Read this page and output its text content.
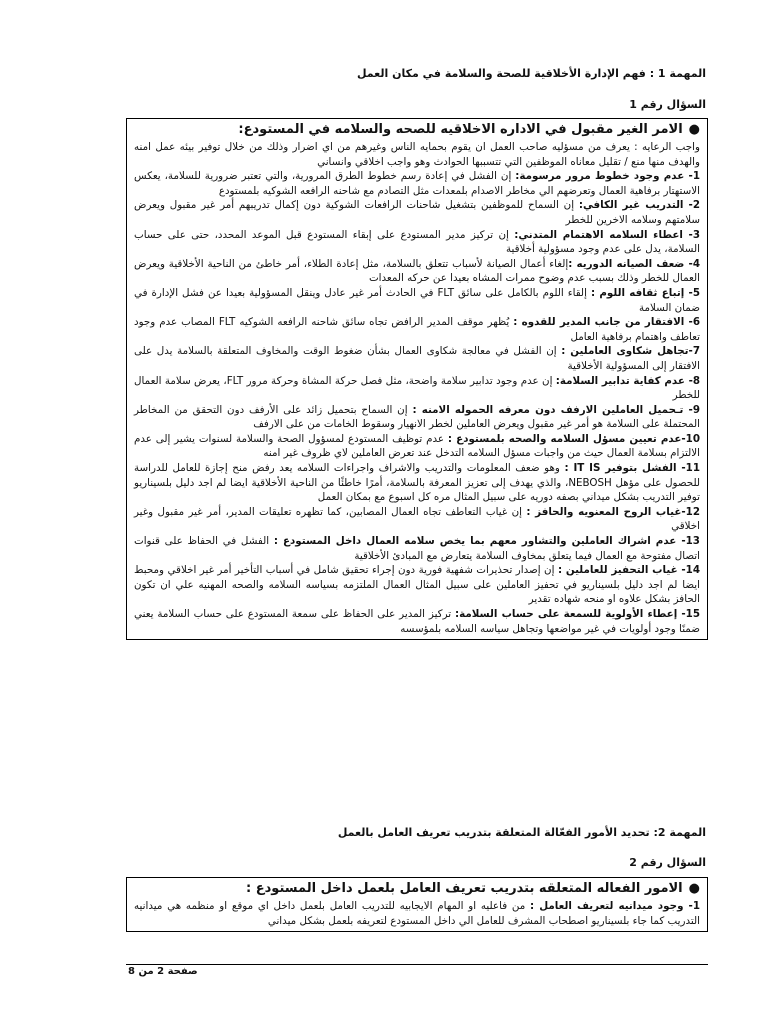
المهمة 1 : فهم الإدارة الأخلاقية للصحة والسلامة في مكان العمل
السؤال رقم 1

●الامر الغير مقبول في الاداره الاخلاقيه للصحه والسلامه في المستودع:

واجب الرعايه : يعرف من مسؤليه صاحب العمل ان يقوم بحمايه الناس وغيرهم من اي اضرار وذلك من خلال توفير بيئه عمل امنه والهدف منها منع / تقليل معاناه الموظفين التي تتسببها الحوادث وهو واجب اخلاقي وانساني

1- عدم وجود خطوط مرور مرسومة: إن الفشل في إعادة رسم خطوط الطرق المرورية، والتي تعتبر ضرورية للسلامة، يعكس الاستهتار برفاهية العمال وتعرضهم الي مخاطر الاصدام بلمعدات مثل التصادم مع شاحنه الرافعه الشوكيه بلمستودع

2- التدريب غير الكافي: إن السماح للموظفين بتشغيل شاحنات الرافعات الشوكية دون إكمال تدريبهم أمر غير مقبول ويعرض سلامتهم وسلامه الاخرين للخطر

3- اعطاء السلامه الاهتمام المتدني: إن تركيز مدير المستودع على إبقاء المستودع قبل الموعد المحدد، حتى على حساب السلامة، يدل على عدم وجود مسؤولية أخلاقية

4- ضعف الصيانه الدوريه :إلغاء أعمال الصيانة لأسباب تتعلق بالسلامة، مثل إعادة الطلاء، أمر خاطئ من الناحية الأخلاقية ويعرض العمال للخطر وذلك بسبب عدم وضوح ممرات المشاه بعيدا عن حركه المعدات

5- إتباع ثقافه اللوم : إلقاء اللوم بالكامل على سائق FLT في الحادث أمر غير عادل وينقل المسؤولية بعيدا عن فشل الإدارة في ضمان السلامة

6- الافتقار من جانب المدير للقدوه : يُظهر موقف المدير الرافض تجاه سائق شاحنه الرافعه الشوكيه FLT المصاب عدم وجود تعاطف واهتمام برفاهية العامل

7-تجاهل شكاوى العاملين : إن الفشل في معالجة شكاوى العمال بشأن ضغوط الوقت والمخاوف المتعلقة بالسلامة يدل على الافتقار إلى المسؤولية الأخلاقية

8- عدم كفاية تدابير السلامة: إن عدم وجود تدابير سلامة واضحة، مثل فصل حركة المشاة وحركة مرور FLT، يعرض سلامة العمال للخطر

9- تـحميل العاملين الارفف دون معرفه الحموله الامنه : إن السماح بتحميل زائد على الأرفف دون التحقق من المخاطر المحتملة على السلامة هو أمر غير مقبول ويعرض العاملين لخطر الانهيار وسقوط الخامات من على الارفف

10-عدم تعيين مسؤل السلامه والصحه بلمستودع : عدم توظيف المستودع لمسؤول الصحة والسلامة لسنوات يشير إلى عدم الالتزام بسلامة العمال حيث من واجبات مسؤل السلامه التدخل عند تعرض العاملين لاي ظروف غير امنه

11- الفشل بتوفير IT IS : وهو ضعف المعلومات والتدريب والاشراف واجراءات السلامه يعد رفض منح إجازة للعامل للدراسة للحصول على مؤهل NEBOSH، والذي يهدف إلى تعزيز المعرفة بالسلامة، أمرًا خاطئًا من الناحية الأخلاقية ايضا لم اجد دليل بلسيناريو توفير التدريب بشكل ميداني بصفه دوريه على سبيل المثال مره كل اسبوع مع بمكان العمل

12-غياب الروح المعنويه والحافز : إن غياب التعاطف تجاه العمال المصابين، كما تظهره تعليقات المدير، أمر غير مقبول وغير اخلاقي

13- عدم اشراك العاملين والتشاور معهم بما يخص سلامه العمال داخل المستودع : الفشل في الحفاظ على قنوات اتصال مفتوحة مع العمال فيما يتعلق بمخاوف السلامة يتعارض مع المبادئ الأخلاقية

14- غياب التحفيز للعاملين : إن إصدار تحذيرات شفهية فورية دون إجراء تحقيق شامل في أسباب التأخير أمر غير اخلاقي ومحبط ايضا لم اجد دليل بلسيناريو في تحفيز العاملين على سبيل المثال العمال الملتزمه بسياسه السلامه والصحه المهنيه علي ان تكون الحافز بشكل علاوه او منحه شهاده تقدير

15- إعطاء الأولوية للسمعة على حساب السلامة: تركيز المدير على الحفاظ على سمعة المستودع على حساب السلامة يعني ضمنًا وجود أولويات في غير مواضعها وتجاهل سياسه السلامه بلمؤسسه

المهمة 2: تحديد الأمور الفعّالة المتعلقة بتدريب تعريف العامل بالعمل
السؤال رقم 2

●الامور الفعاله المتعلقه بتدريب تعريف العامل بلعمل داخل المستودع :

1- وجود ميدانيه لتعريف العامل : من فاعليه او المهام الايجابيه للتدريب العامل بلعمل داخل اي موقع او منظمه هي ميدانيه التدريب كما جاء بلسيناريو اصطحاب المشرف للعامل الي داخل المستودع لتعريفه بلعمل بشكل ميداني

صفحة 2 من 8
